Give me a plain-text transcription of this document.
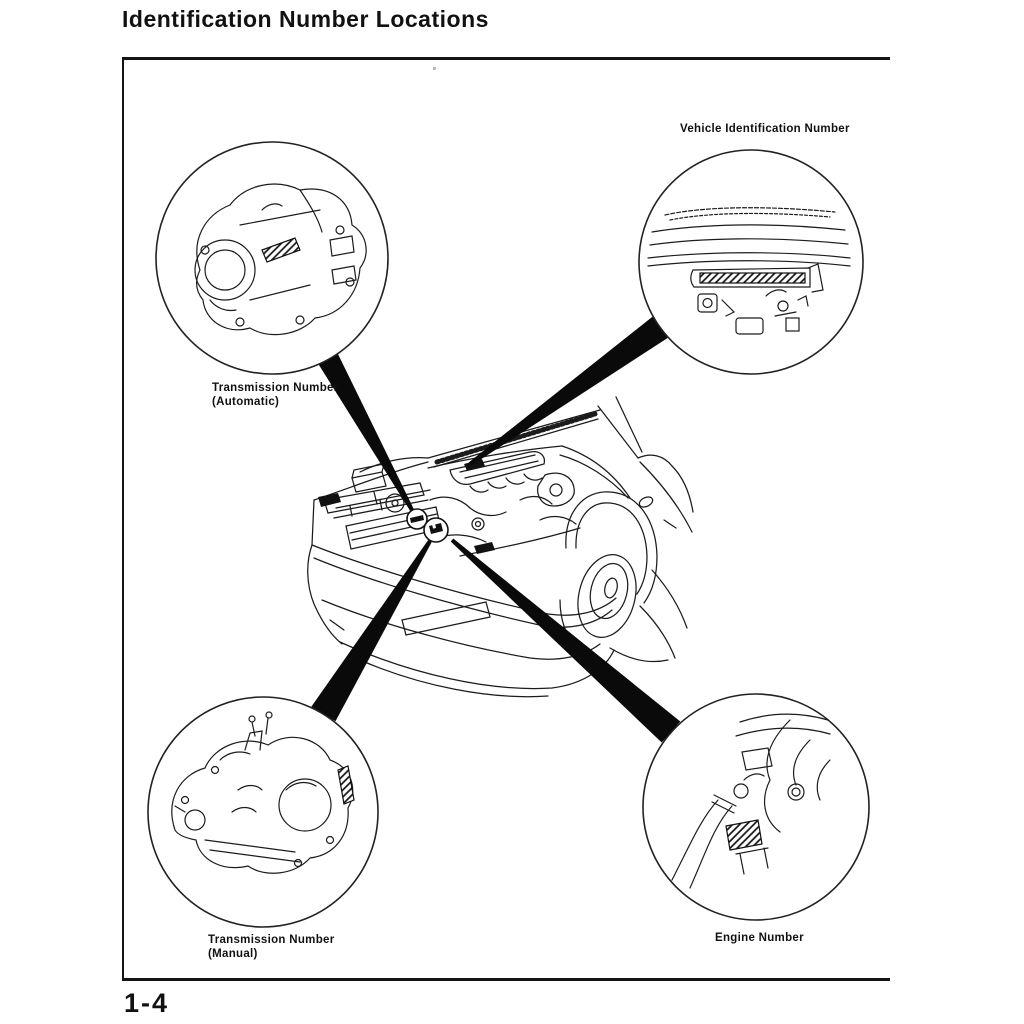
Identification Number Locations
Vehicle Identification Number
Transmission Number
(Automatic)
Transmission Number
(Manual)
Engine Number
1-4
